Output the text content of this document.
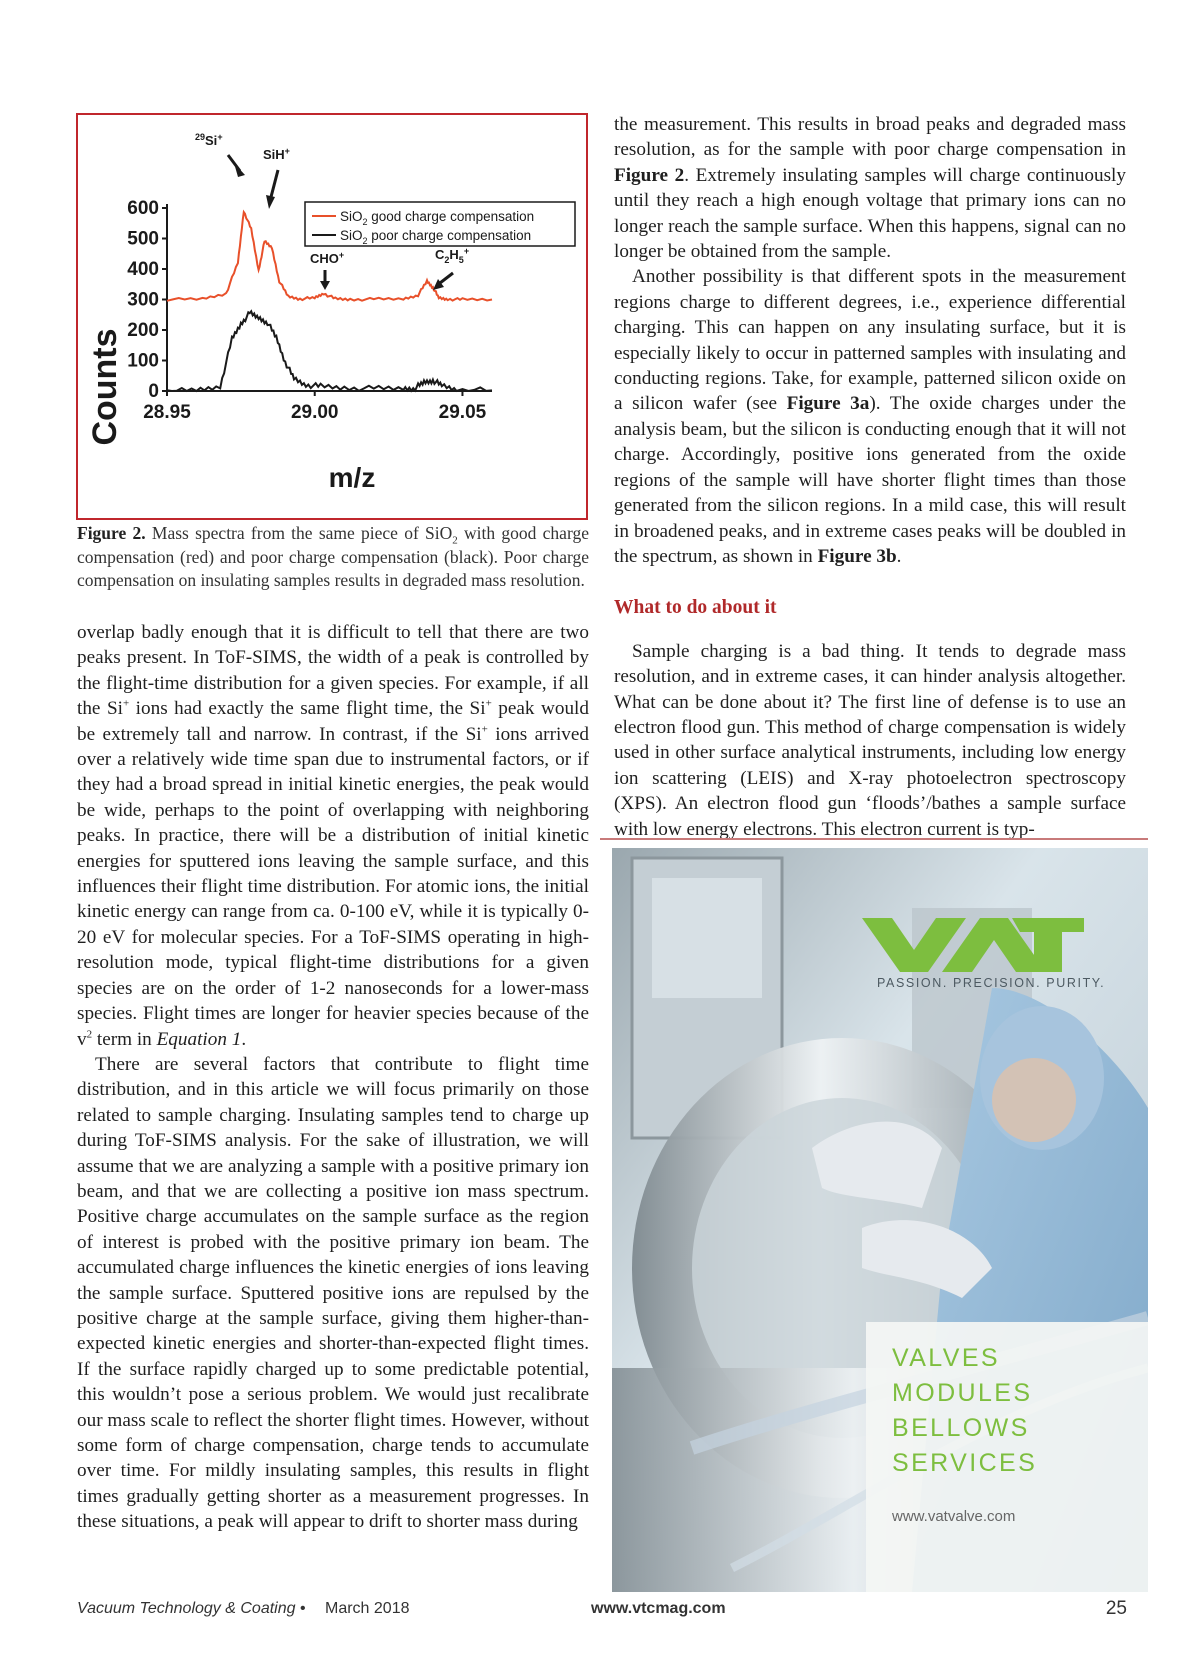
Counts
m/z
0
100
200
300
400
500
600
28.95	29.00	29.05
SiO$_2$ good charge compensation
SiO$_2$ poor charge compensation
$^{29}$Si+
SiH+
CHO+	$C_2H_5^+$
Figure 2. Mass spectra from the same piece of SiO$_2$ with good charge compensation (red) and poor charge compensation (black). Poor charge compensation on insulating samples results in degraded mass resolution.

overlap badly enough that it is difficult to tell that there are two peaks present. In ToF-SIMS, the width of a peak is controlled by the flight-time distribution for a given species. For example, if all the Si+ ions had exactly the same flight time, the Si+ peak would be extremely tall and narrow. In contrast, if the Si+ ions arrived over a relatively wide time span due to instrumental factors, or if they had a broad spread in initial kinetic energies, the peak would be wide, perhaps to the point of overlapping with neighboring peaks. In practice, there will be a distribution of initial kinetic energies for sputtered ions leaving the sample surface, and this influences their flight time distribution. For atomic ions, the initial kinetic energy can range from ca. 0-100 eV, while it is typically 0-20 eV for molecular species. For a ToF-SIMS operating in high-resolution mode, typical flight-time distributions for a given species are on the order of 1-2 nanoseconds for a lower-mass species. Flight times are longer for heavier species because of the $v^2$ term in Equation 1.

There are several factors that contribute to flight time distribution, and in this article we will focus primarily on those related to sample charging. Insulating samples tend to charge up during ToF-SIMS analysis. For the sake of illustration, we will assume that we are analyzing a sample with a positive primary ion beam, and that we are collecting a positive ion mass spectrum. Positive charge accumulates on the sample surface as the region of interest is probed with the positive primary ion beam. The accumulated charge influences the kinetic energies of ions leaving the sample surface. Sputtered positive ions are repulsed by the positive charge at the sample surface, giving them higher-than-expected kinetic energies and shorter-than-expected flight times. If the surface rapidly charged up to some predictable potential, this wouldn’t pose a serious problem. We would just recalibrate our mass scale to reflect the shorter flight times. However, without some form of charge compensation, charge tends to accumulate over time. For mildly insulating samples, this results in flight times gradually getting shorter as a measurement progresses. In these situations, a peak will appear to drift to shorter mass during

the measurement. This results in broad peaks and degraded mass resolution, as for the sample with poor charge compensation in Figure 2. Extremely insulating samples will charge continuously until they reach a high enough voltage that primary ions can no longer reach the sample surface. When this happens, signal can no longer be obtained from the sample.

Another possibility is that different spots in the measurement regions charge to different degrees, i.e., experience differential charging. This can happen on any insulating surface, but it is especially likely to occur in patterned samples with insulating and conducting regions. Take, for example, patterned silicon oxide on a silicon wafer (see Figure 3a). The oxide charges under the analysis beam, but the silicon is conducting enough that it will not charge. Accordingly, positive ions generated from the oxide regions of the sample will have shorter flight times than those generated from the silicon regions. In a mild case, this will result in broadened peaks, and in extreme cases peaks will be doubled in the spectrum, as shown in Figure 3b.

What to do about it

Sample charging is a bad thing. It tends to degrade mass resolution, and in extreme cases, it can hinder analysis altogether. What can be done about it? The first line of defense is to use an electron flood gun. This method of charge compensation is widely used in other surface analytical instruments, including low energy ion scattering (LEIS) and X-ray photoelectron spectroscopy (XPS). An electron flood gun ‘floods’/bathes a sample surface with low energy electrons. This electron current is typ-

PASSION. PRECISION. PURITY.
VALVES
MODULES
BELLOWS
SERVICES
www.vatvalve.com
Vacuum Technology & Coating • March 2018	www.vtcmag.com	25
